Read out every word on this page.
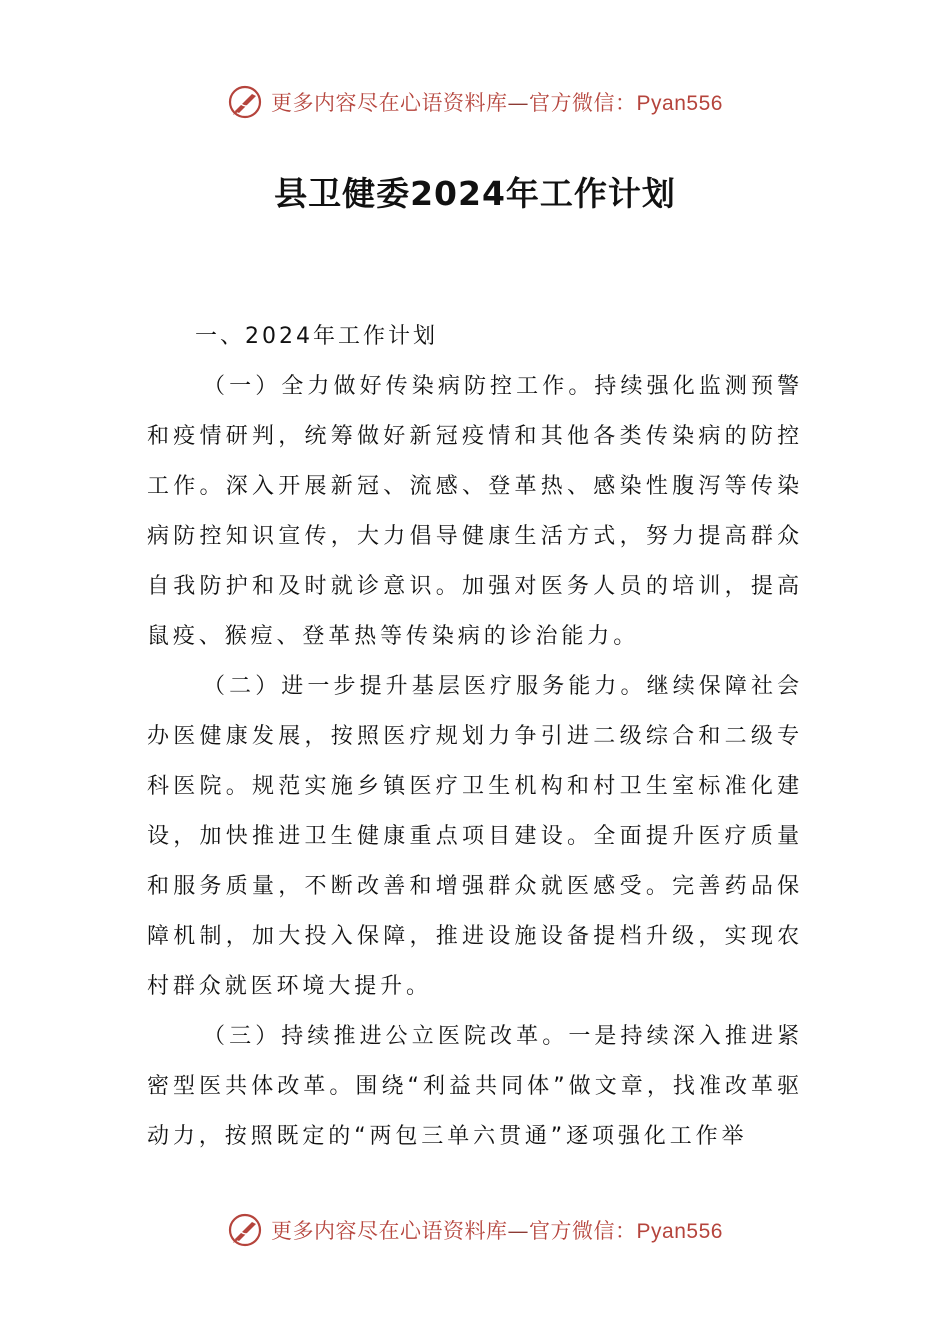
更多内容尽在心语资料库—官方微信：Pyan556
县卫健委2024年工作计划

一、2024年工作计划

（一）全力做好传染病防控工作。持续强化监测预警和疫情研判，统筹做好新冠疫情和其他各类传染病的防控工作。深入开展新冠、流感、登革热、感染性腹泻等传染病防控知识宣传，大力倡导健康生活方式，努力提高群众自我防护和及时就诊意识。加强对医务人员的培训，提高鼠疫、猴痘、登革热等传染病的诊治能力。

（二）进一步提升基层医疗服务能力。继续保障社会办医健康发展，按照医疗规划力争引进二级综合和二级专科医院。规范实施乡镇医疗卫生机构和村卫生室标准化建设，加快推进卫生健康重点项目建设。全面提升医疗质量和服务质量，不断改善和增强群众就医感受。完善药品保障机制，加大投入保障，推进设施设备提档升级，实现农村群众就医环境大提升。

（三）持续推进公立医院改革。一是持续深入推进紧密型医共体改革。围绕“利益共同体”做文章，找准改革驱动力，按照既定的“两包三单六贯通”逐项强化工作举

更多内容尽在心语资料库—官方微信：Pyan556
